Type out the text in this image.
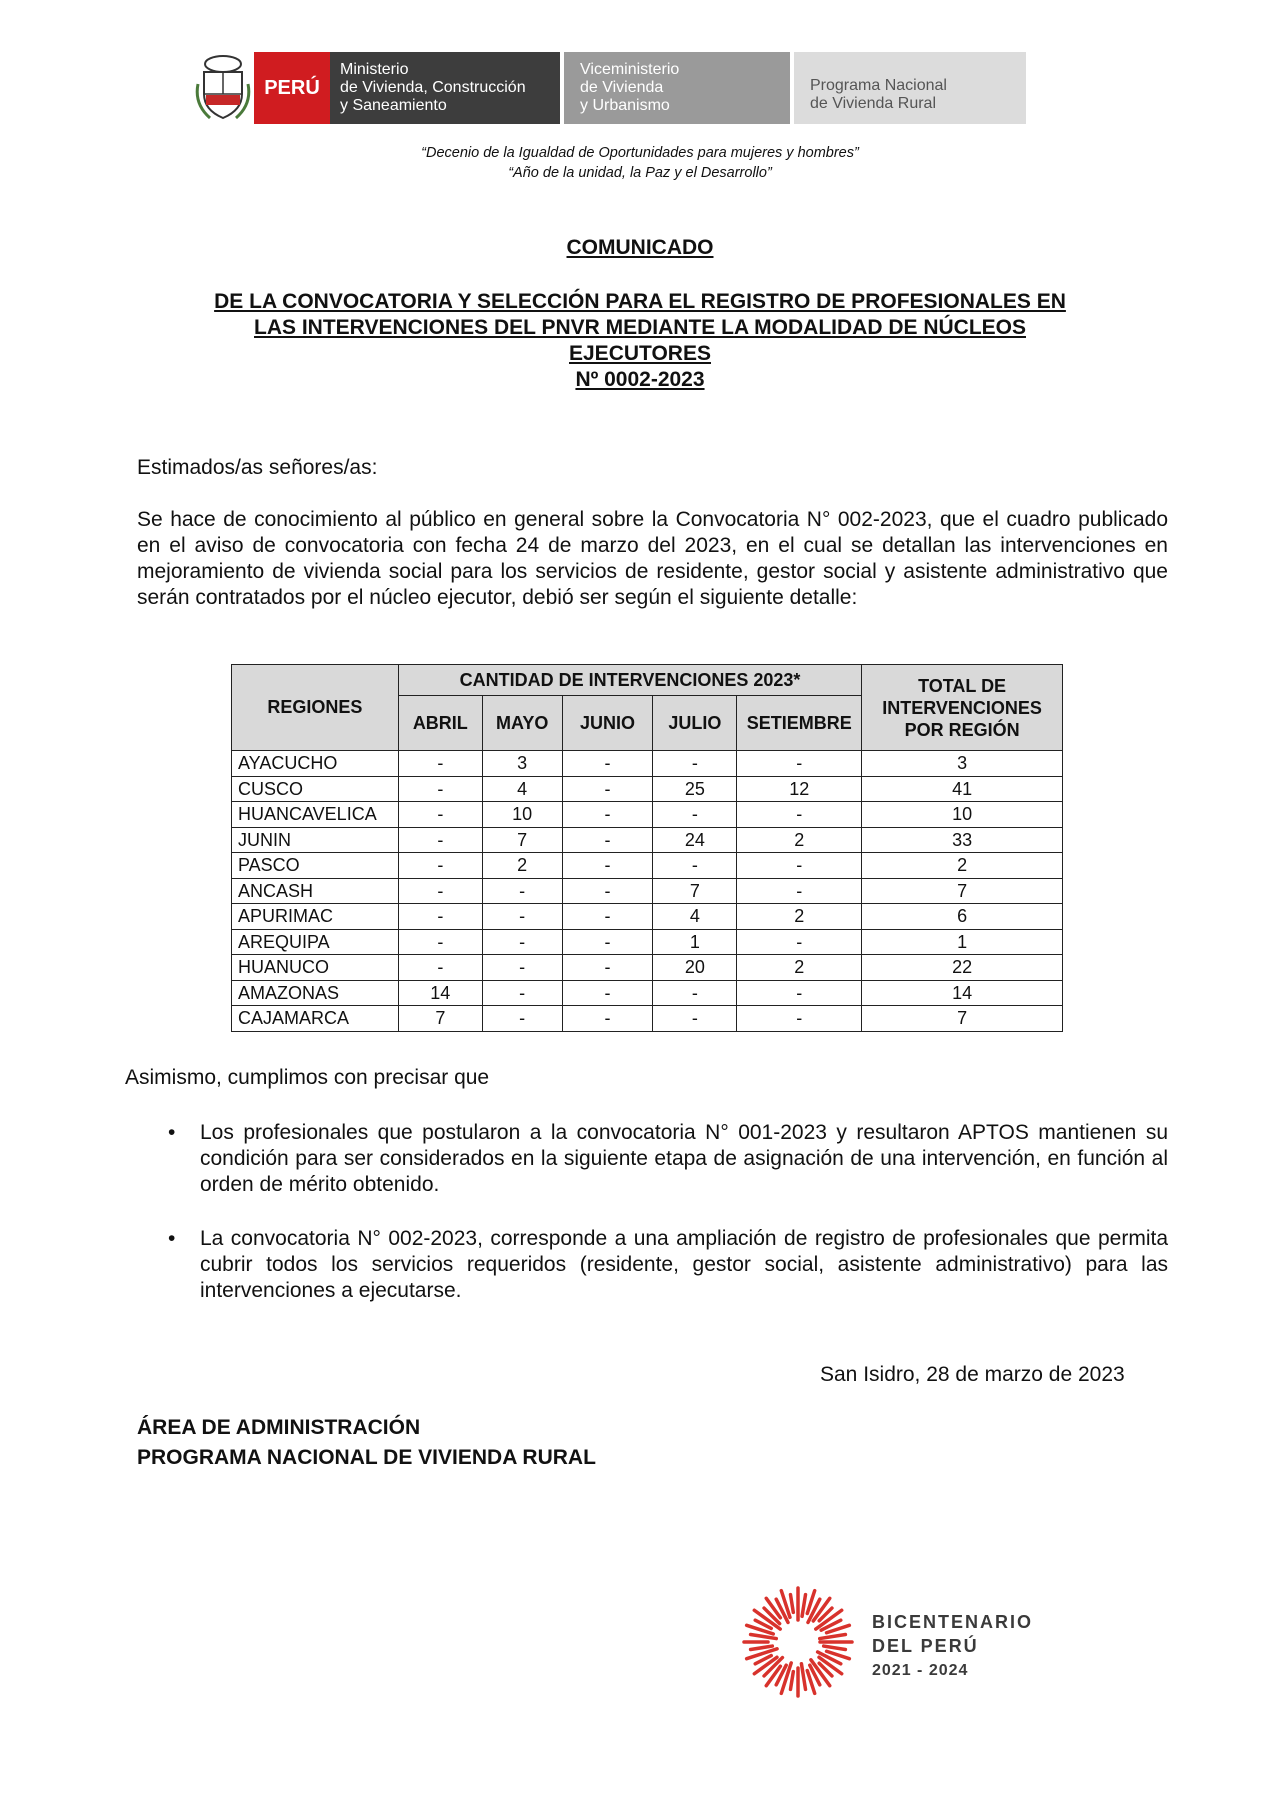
PERÚ
Ministerio
de Vivienda, Construcción
y Saneamiento
Viceministerio
de Vivienda
y Urbanismo
Programa Nacional
de Vivienda Rural
“Decenio de la Igualdad de Oportunidades para mujeres y hombres”
“Año de la unidad, la Paz y el Desarrollo”
COMUNICADO
DE LA CONVOCATORIA Y SELECCIÓN PARA EL REGISTRO DE PROFESIONALES EN
LAS INTERVENCIONES DEL PNVR MEDIANTE LA MODALIDAD DE NÚCLEOS
EJECUTORES
Nº 0002-2023
Estimados/as señores/as:
Se hace de conocimiento al público en general sobre la Convocatoria N° 002-2023, que el cuadro publicado en el aviso de convocatoria con fecha 24 de marzo del 2023, en el cual se detallan las intervenciones en mejoramiento de vivienda social para los servicios de residente, gestor social y asistente administrativo que serán contratados por el núcleo ejecutor, debió ser según el siguiente detalle:
REGIONES	CANTIDAD DE INTERVENCIONES 2023*					TOTAL DE INTERVENCIONES POR REGIÓN
	ABRIL	MAYO	JUNIO	JULIO	SETIEMBRE	
AYACUCHO	-	3	-	-	-	3
CUSCO	-	4	-	25	12	41
HUANCAVELICA	-	10	-	-	-	10
JUNIN	-	7	-	24	2	33
PASCO	-	2	-	-	-	2
ANCASH	-	-	-	7	-	7
APURIMAC	-	-	-	4	2	6
AREQUIPA	-	-	-	1	-	1
HUANUCO	-	-	-	20	2	22
AMAZONAS	14	-	-	-	-	14
CAJAMARCA	7	-	-	-	-	7
Asimismo, cumplimos con precisar que
• Los profesionales que postularon a la convocatoria N° 001-2023 y resultaron APTOS mantienen su condición para ser considerados en la siguiente etapa de asignación de una intervención, en función al orden de mérito obtenido.
• La convocatoria N° 002-2023, corresponde a una ampliación de registro de profesionales que permita cubrir todos los servicios requeridos (residente, gestor social, asistente administrativo) para las intervenciones a ejecutarse.
San Isidro, 28 de marzo de 2023
ÁREA DE ADMINISTRACIÓN
PROGRAMA NACIONAL DE VIVIENDA RURAL
BICENTENARIO
DEL PERÚ
2021 - 2024
